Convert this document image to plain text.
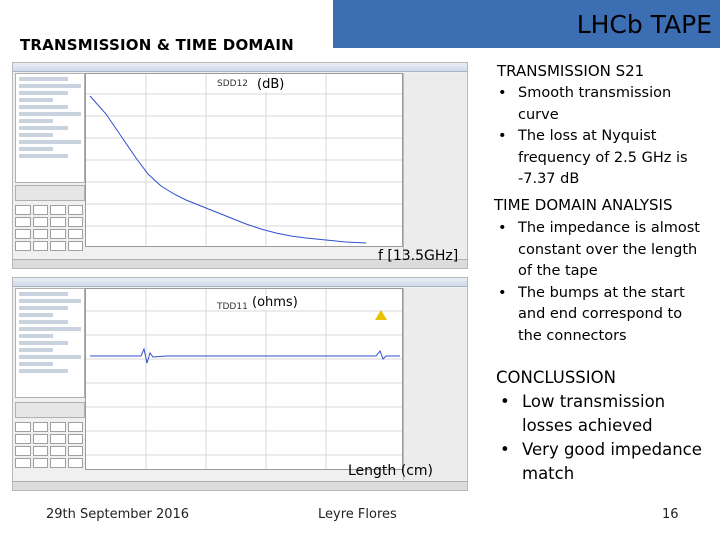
LHCb TAPE
TRANSMISSION & TIME DOMAIN
SDD12 (dB)
f [13.5GHz]
TDD11 (ohms)
Length (cm)
TRANSMISSION S21
• Smooth transmission curve
• The loss at Nyquist frequency of 2.5 GHz is -7.37 dB
TIME DOMAIN ANALYSIS
• The impedance is almost constant over the length of the tape
• The bumps at the start and end correspond to the connectors
CONCLUSSION
• Low transmission losses achieved
• Very good impedance match
29th September 2016	Leyre Flores	16
